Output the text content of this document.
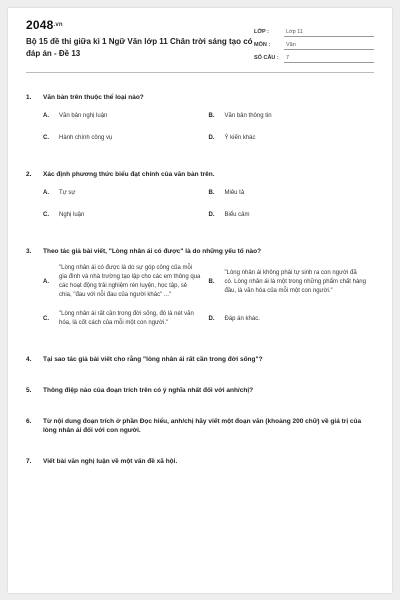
$2048^{.vn}$
Bộ 15 đề thi giữa kì 1 Ngữ Văn lớp 11 Chân trời sáng tạo có đáp án - Đề 13
LỚP :	Lớp 11
MÔN :	Văn
SỐ CÂU :	7
1.	Văn bản trên thuộc thể loại nào?
A.	Văn bản nghị luận	B.	Văn bản thông tin
C.	Hành chính công vụ	D.	Ý kiến khác
2.	Xác định phương thức biểu đạt chính của văn bản trên.
A.	Tự sự	B.	Miêu tả
C.	Nghị luận	D.	Biểu cảm
3.	Theo tác giả bài viết, "Lòng nhân ái có được" là do những yếu tố nào?
A.
"Lòng nhân ái có được là do sự góp công của mỗi gia đình và nhà trường tạo lập cho các em thông qua các hoạt động trải nghiệm rèn luyện, học tập, sẻ chia, "đau với nỗi đau của người khác" ..."
B.
"Lòng nhân ái không phải tự sinh ra con người đã có. Lòng nhân ái là một trong những phẩm chất hàng đầu, là văn hóa của mỗi một con người."
C.
"Lòng nhân ái rất cần trong đời sống, đó là nét văn hóa, là cốt cách của mỗi một con người."
D.	Đáp án khác.
4.	Tại sao tác giả bài viết cho rằng "lòng nhân ái rất cần trong đời sống"?
5.	Thông điệp nào của đoạn trích trên có ý nghĩa nhất đối với anh/chị?
6.	Từ nội dung đoạn trích ở phần Đọc hiểu, anh/chị hãy viết một đoạn văn (khoảng 200 chữ) về giá trị của lòng nhân ái đối với con người.
7.	Viết bài văn nghị luận về một vấn đề xã hội.
